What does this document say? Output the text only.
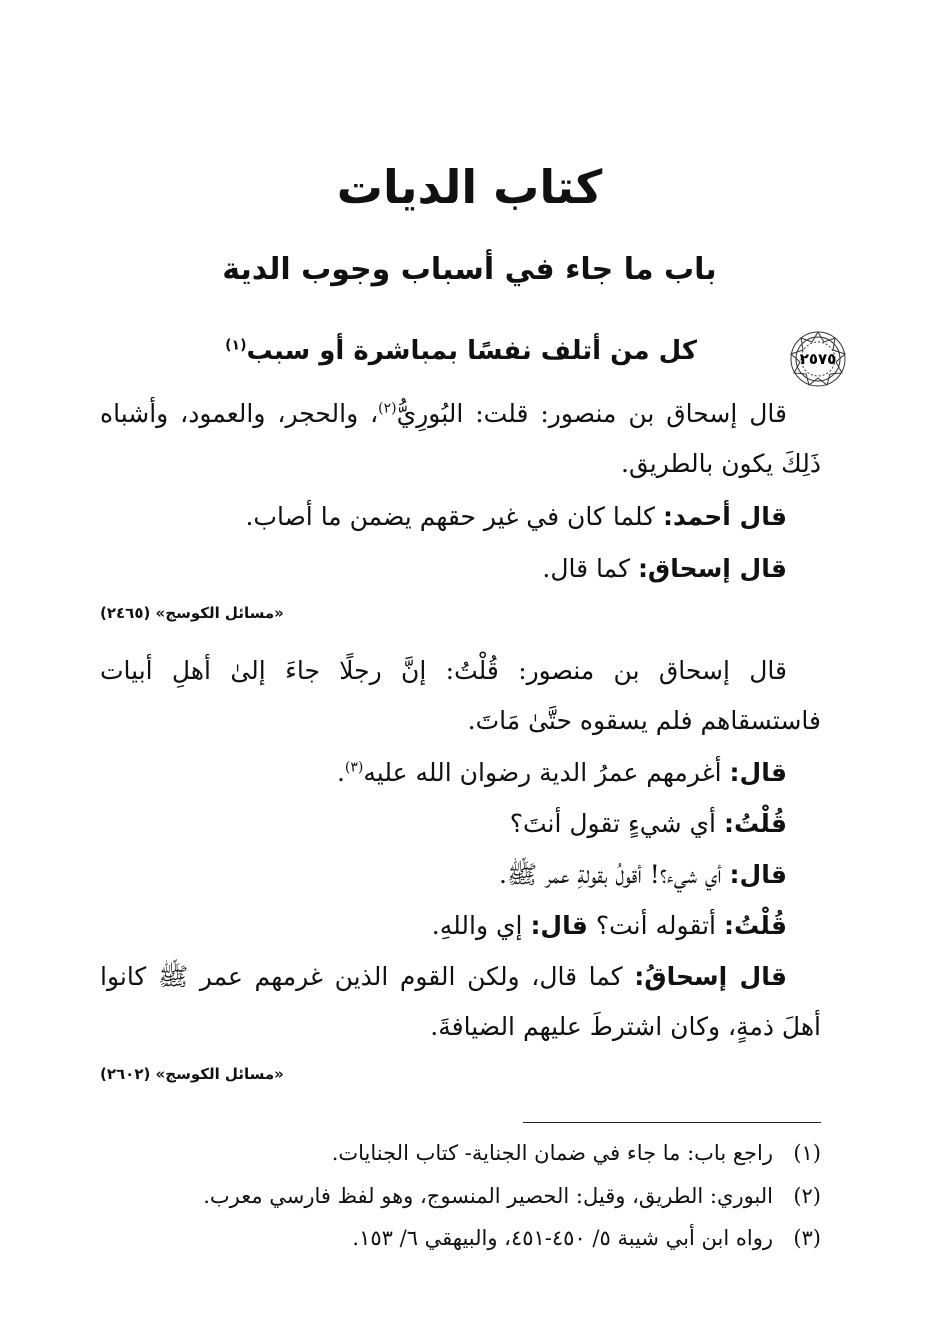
كتاب الديات
باب ما جاء في أسباب وجوب الدية
٢٥٧٥
كل من أتلف نفسًا بمباشرة أو سبب$^{(١)}$

قال إسحاق بن منصور: قلت: البُورِيُّ$^{(٢)}$، والحجر، والعمود، وأشباه ذَلِكَ يكون بالطريق.

قال أحمد: كلما كان في غير حقهم يضمن ما أصاب.

قال إسحاق: كما قال.

«مسائل الكوسج» (٢٤٦٥)

قال إسحاق بن منصور: قُلْتُ: إنَّ رجلًا جاءَ إلىٰ أهلِ أبيات فاستسقاهم فلم يسقوه حتَّىٰ مَاتَ.

قال: أغرمهم عمرُ الدية رضوان الله عليه$^{(٣)}$.

قُلْتُ: أي شيءٍ تقول أنتَ؟

قال: أي شيء؟! أقولُ بقولةِ عمر ﷺ.

قُلْتُ: أتقوله أنت؟ قال: إي واللهِ.

قال إسحاقُ: كما قال، ولكن القوم الذين غرمهم عمر ﷺ كانوا أهلَ ذمةٍ، وكان اشترطَ عليهم الضيافةَ.

«مسائل الكوسج» (٢٦٠٢)
(١)راجع باب: ما جاء في ضمان الجناية- كتاب الجنايات.
(٢)البوري: الطريق، وقيل: الحصير المنسوج، وهو لفظ فارسي معرب.
(٣)رواه ابن أبي شيبة ٥/ ٤٥٠-٤٥١، والبيهقي ٦/ ١٥٣.
